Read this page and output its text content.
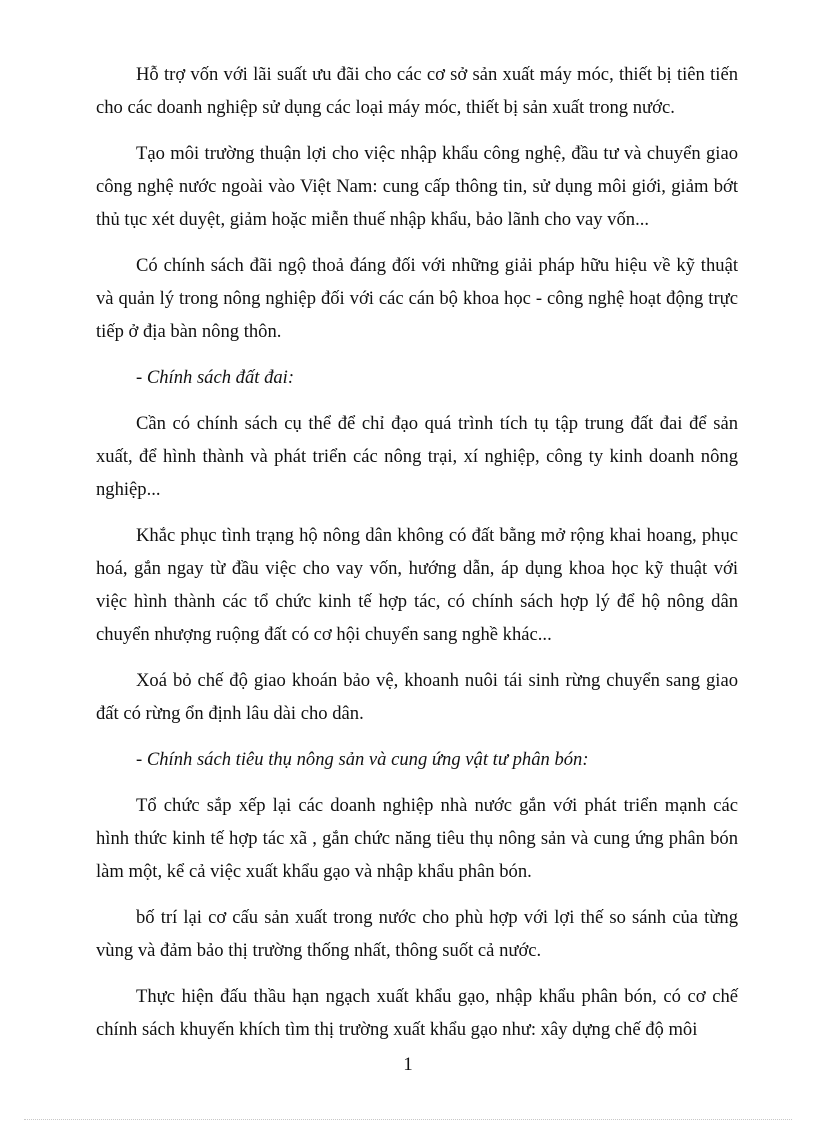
Hỗ trợ vốn với lãi suất ưu đãi cho các cơ sở sản xuất máy móc, thiết bị tiên tiến cho các doanh nghiệp sử dụng các loại máy móc, thiết bị sản xuất trong nước.

Tạo môi trường thuận lợi cho việc nhập khẩu công nghệ, đầu tư và chuyển giao công nghệ nước ngoài vào Việt Nam: cung cấp thông tin, sử dụng môi giới, giảm bớt thủ tục xét duyệt, giảm hoặc miễn thuế nhập khẩu, bảo lãnh cho vay vốn...

Có chính sách đãi ngộ thoả đáng đối với những giải pháp hữu hiệu về kỹ thuật và quản lý trong nông nghiệp đối với các cán bộ khoa học - công nghệ hoạt động trực tiếp ở địa bàn nông thôn.

- Chính sách đất đai:

Cần có chính sách cụ thể để chỉ đạo quá trình tích tụ tập trung đất đai để sản xuất, để hình thành và phát triển các nông trại, xí nghiệp, công ty kinh doanh nông nghiệp...

Khắc phục tình trạng hộ nông dân không có đất bằng mở rộng khai hoang, phục hoá, gắn ngay từ đầu việc cho vay vốn, hướng dẫn, áp dụng khoa học kỹ thuật với việc hình thành các tổ chức kinh tế hợp tác, có chính sách hợp lý để hộ nông dân chuyển nhượng ruộng đất có cơ hội chuyển sang nghề khác...

Xoá bỏ chế độ giao khoán bảo vệ, khoanh nuôi tái sinh rừng chuyển sang giao đất có rừng ổn định lâu dài cho dân.

- Chính sách tiêu thụ nông sản và cung ứng vật tư phân bón:

Tổ chức sắp xếp lại các doanh nghiệp nhà nước gắn với phát triển mạnh các hình thức kinh tế hợp tác xã , gắn chức năng tiêu thụ nông sản và cung ứng phân bón làm một, kể cả việc xuất khẩu gạo và nhập khẩu phân bón.

bố trí lại cơ cấu sản xuất trong nước cho phù hợp với lợi thế so sánh của từng vùng và đảm bảo thị trường thống nhất, thông suốt cả nước.

Thực hiện đấu thầu hạn ngạch xuất khẩu gạo, nhập khẩu phân bón, có cơ chế chính sách khuyến khích tìm thị trường xuất khẩu gạo như: xây dựng chế độ môi

1
